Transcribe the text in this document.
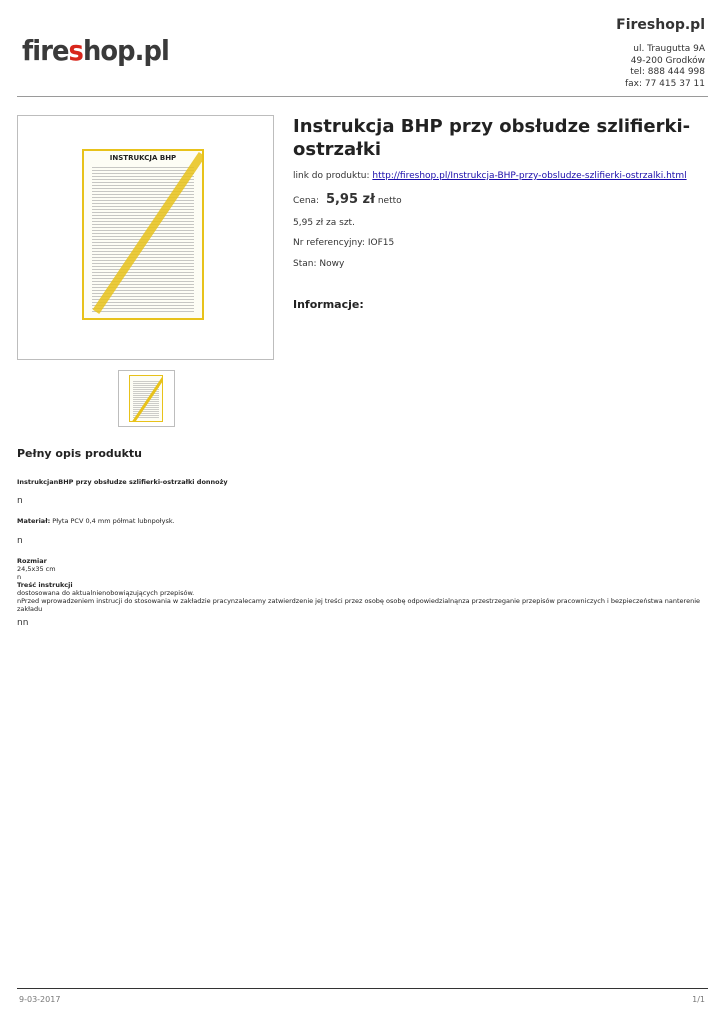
fireshop.pl
Fireshop.pl
ul. Traugutta 9A
49-200 Grodków
tel: 888 444 998
fax: 77 415 37 11
INSTRUKCJA BHP
Instrukcja BHP przy obsłudze szlifierki-ostrzałki
link do produktu: http://fireshop.pl/Instrukcja-BHP-przy-obsludze-szlifierki-ostrzalki.html
Cena: 5,95 zł netto
5,95 zł za szt.
Nr referencyjny: IOF15
Stan: Nowy
Informacje:
Pełny opis produktu
InstrukcjanBHP przy obsłudze szlifierki-ostrzałki donnoży
n
Materiał: Płyta PCV 0,4 mm półmat lubnpołysk.
n
Rozmiar
24,5x35 cm
n
Treść instrukcji
dostosowana do aktualnienobowiązujących przepisów.
nPrzed wprowadzeniem instrucji do stosowania w zakładzie pracynzalecamy zatwierdzenie jej treści przez osobę osobę odpowiedzialnąnza przestrzeganie przepisów pracowniczych i bezpieczeństwa nanterenie zakładu
nn
9-03-2017	1/1
